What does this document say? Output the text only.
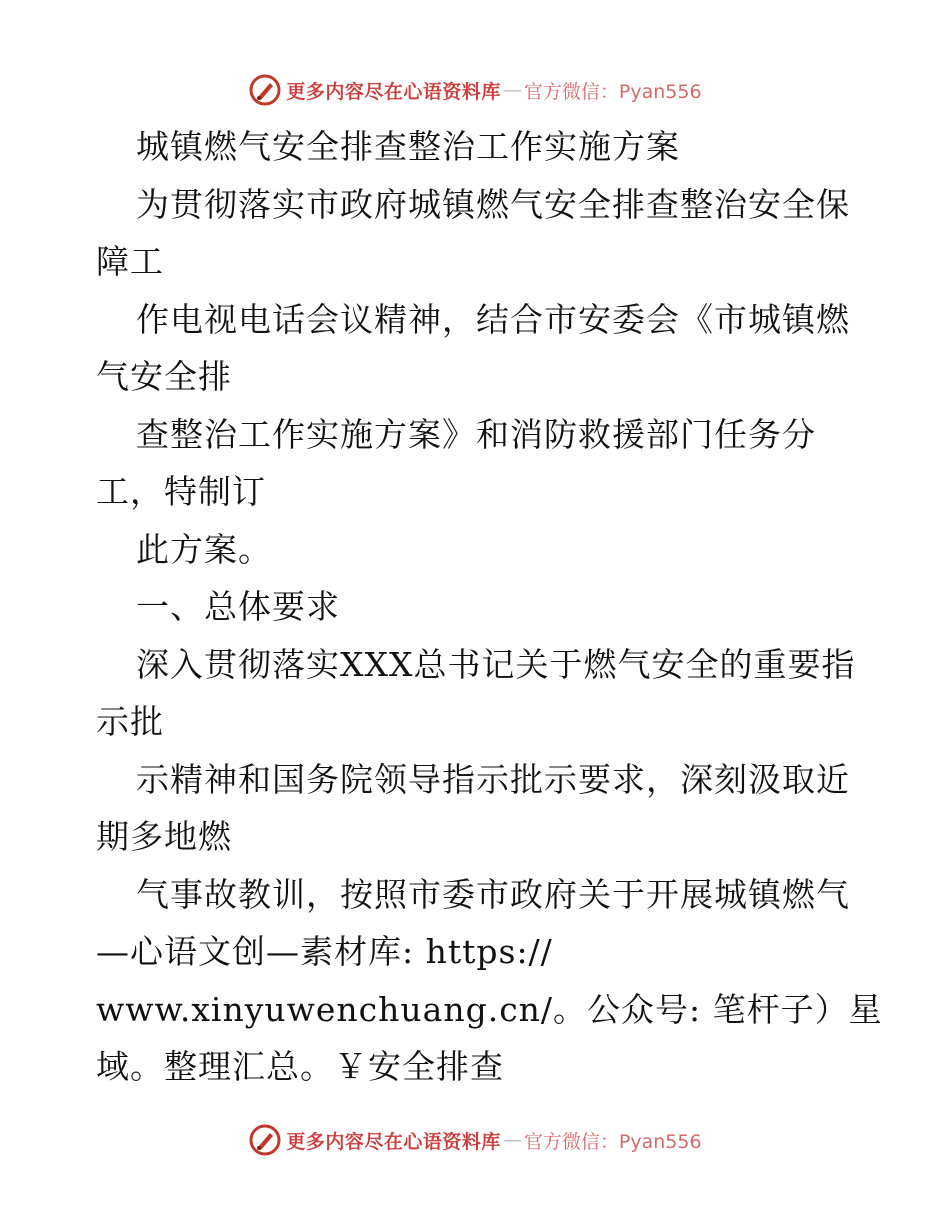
更多内容尽在心语资料库 — 官方微信：Pyan556
城镇燃气安全排查整治工作实施方案
为贯彻落实市政府城镇燃气安全排查整治安全保
障工
作电视电话会议精神，结合市安委会《市城镇燃
气安全排
查整治工作实施方案》和消防救援部门任务分
工，特制订
此方案。
一、总体要求
深入贯彻落实XXX总书记关于燃气安全的重要指
示批
示精神和国务院领导指示批示要求，深刻汲取近
期多地燃
气事故教训，按照市委市政府关于开展城镇燃气
—心语文创—素材库: https://
www.xinyuwenchuang.cn/。公众号: 笔杆子）星
域。整理汇总。￥安全排查
更多内容尽在心语资料库 — 官方微信：Pyan556
